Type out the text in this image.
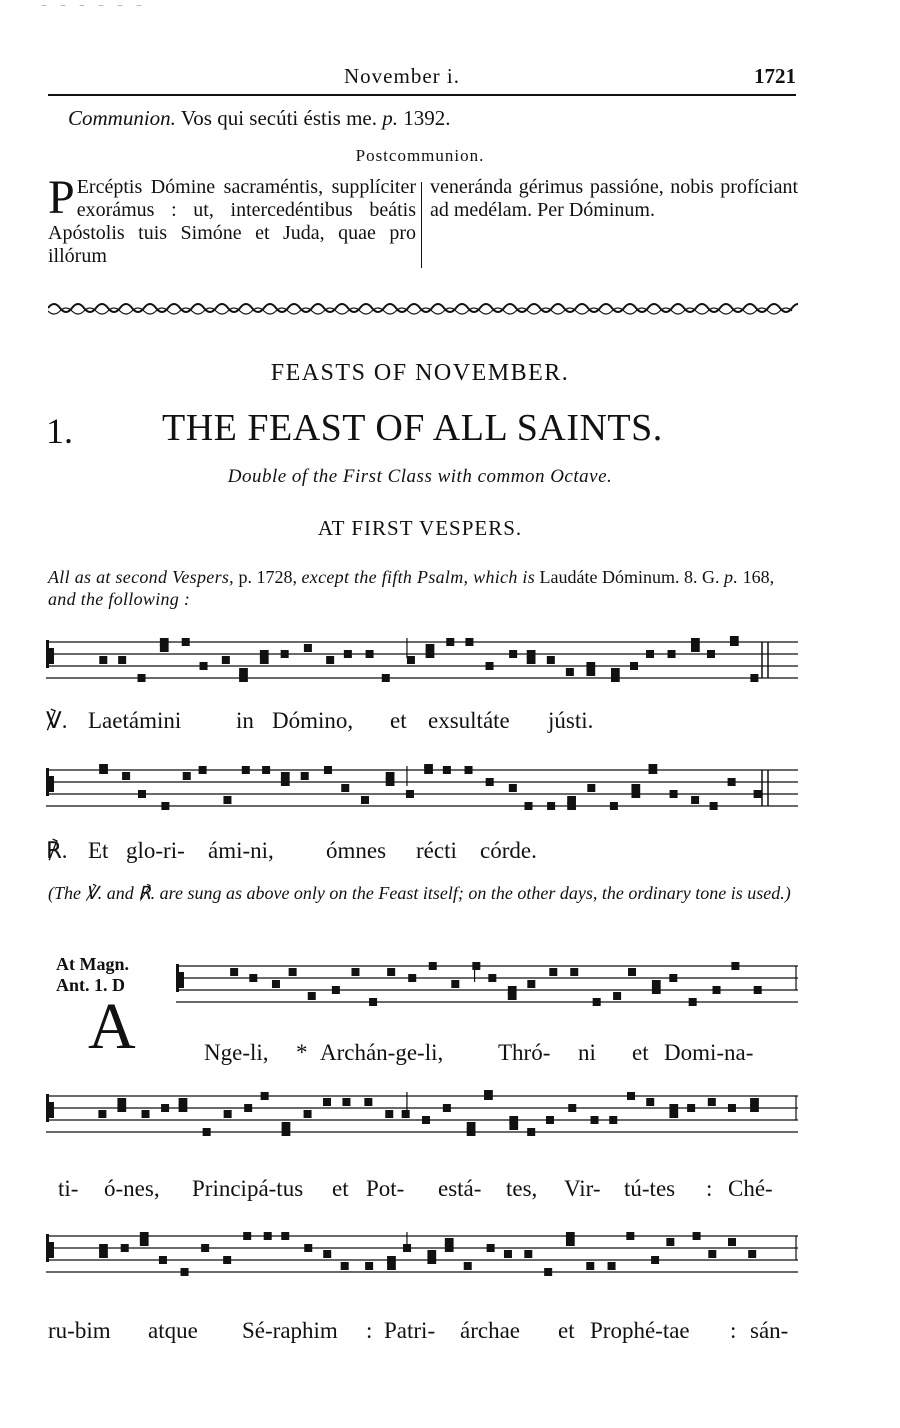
‾ ‾ ‾ ‾ ‾ ‾
November i.	1721
Communion. Vos qui secúti éstis me. p. 1392.
Postcommunion.
P Ercéptis Dómine sacraméntis, supplíciter exorámus : ut, intercedéntibus beátis Apóstolis tuis Simóne et Juda, quae pro illórum
veneránda gérimus passióne, nobis profíciant ad medélam. Per Dóminum.
FEASTS OF NOVEMBER.
1. THE FEAST OF ALL SAINTS.
Double of the First Class with common Octave.
AT FIRST VESPERS.
All as at second Vespers, p. 1728, except the fifth Psalm, which is Laudáte Dóminum. 8. G. p. 168, and the following :
℣. Laetámini in Dómino, et exsultáte jústi.
℟. Et glo-ri- ámi-ni, ómnes récti córde.
(The ℣. and ℟. are sung as above only on the Feast itself; on the other days, the ordinary tone is used.)
At Magn.
Ant. 1. D
A	Nge-li, * Archán-ge-li, Thró- ni et Domi-na-
ti- ó-nes, Principá-tus et Pot- está- tes, Vir- tú-tes : Ché-
ru-bim atque Sé-raphim : Patri- árchae et Prophé-tae : sán-
